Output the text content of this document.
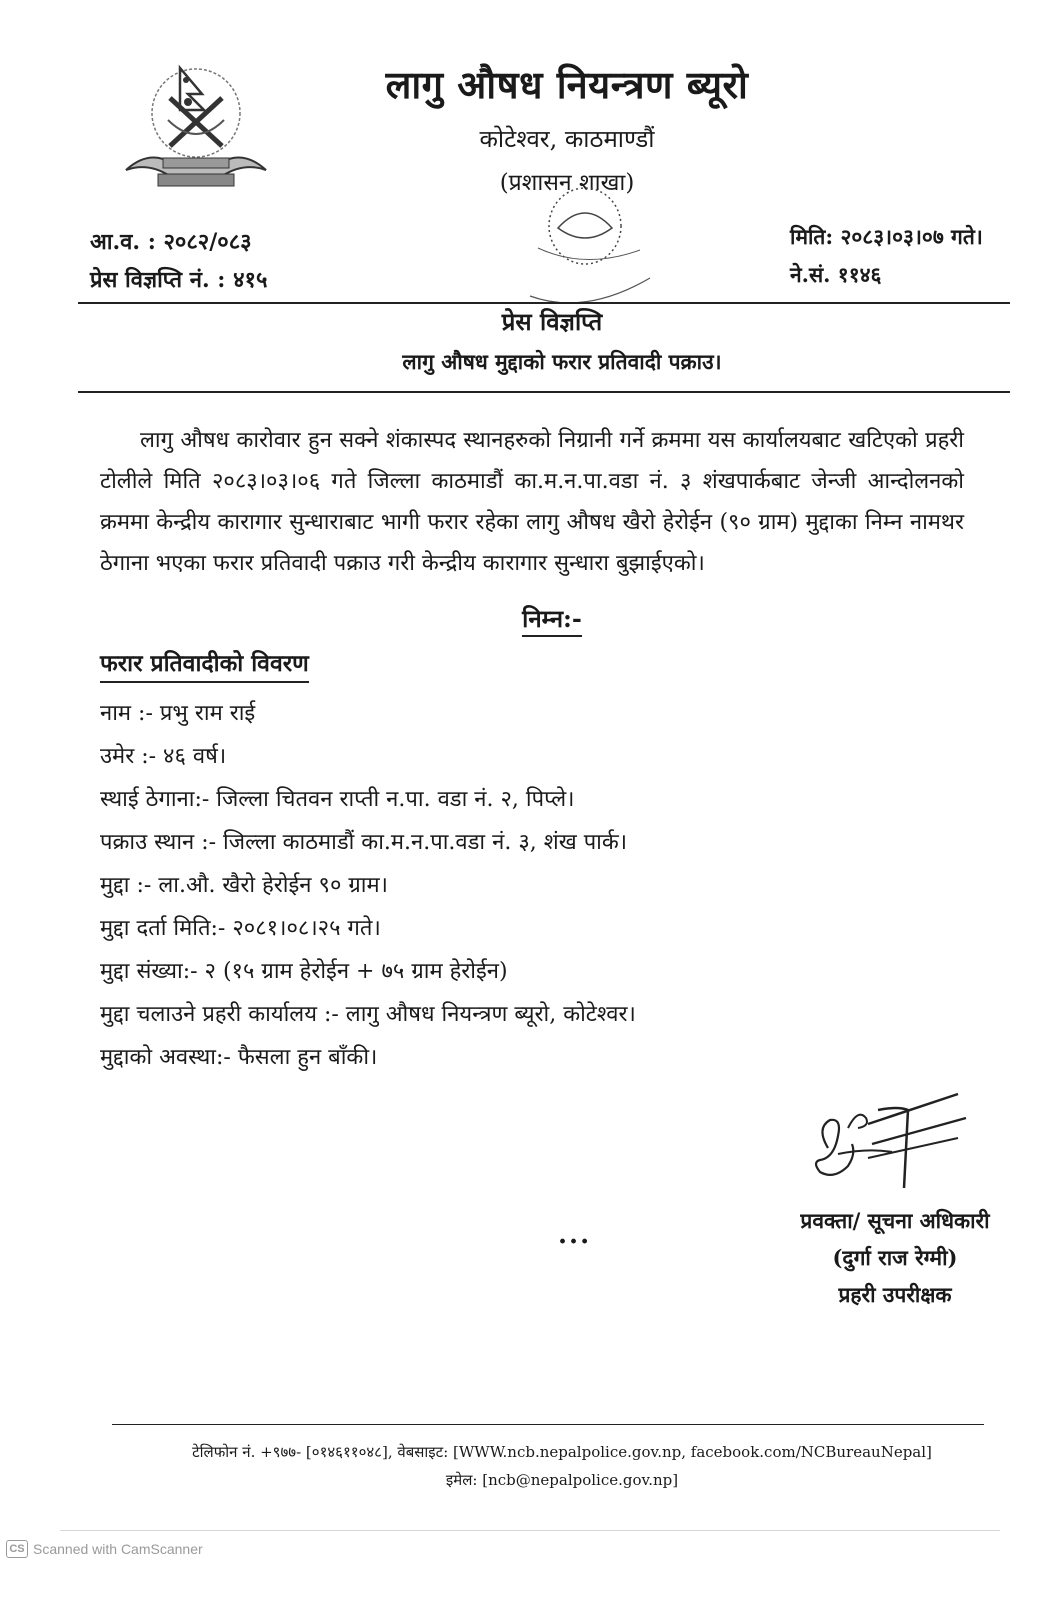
लागु औषध नियन्त्रण ब्यूरो
कोटेश्वर, काठमाण्डौं
(प्रशासन शाखा)
आ.व. : २०८२/०८३
प्रेस विज्ञप्ति नं. : ४१५
मिति: २०८३।०३।०७ गते।
ने.सं. ११४६
प्रेस विज्ञप्ति
लागु औषध मुद्दाको फरार प्रतिवादी पक्राउ।
लागु औषध कारोवार हुन सक्ने शंकास्पद स्थानहरुको निग्रानी गर्ने क्रममा यस कार्यालयबाट खटिएको प्रहरी टोलीले मिति २०८३।०३।०६ गते जिल्ला काठमाडौं का.म.न.पा.वडा नं. ३ शंखपार्कबाट जेन्जी आन्दोलनको क्रममा केन्द्रीय कारागार सुन्धाराबाट भागी फरार रहेका लागु औषध खैरो हेरोईन (९० ग्राम) मुद्दाका निम्न नामथर ठेगाना भएका फरार प्रतिवादी पक्राउ गरी केन्द्रीय कारागार सुन्धारा बुझाईएको।
निम्न:-
फरार प्रतिवादीको विवरण
नाम :- प्रभु राम राई
उमेर :- ४६ वर्ष।
स्थाई ठेगाना:- जिल्ला चितवन राप्ती न.पा. वडा नं. २, पिप्ले।
पक्राउ स्थान :- जिल्ला काठमाडौं का.म.न.पा.वडा नं. ३, शंख पार्क।
मुद्दा :- ला.औ. खैरो हेरोईन ९० ग्राम।
मुद्दा दर्ता मिति:- २०८१।०८।२५ गते।
मुद्दा संख्या:- २ (१५ ग्राम हेरोईन + ७५ ग्राम हेरोईन)
मुद्दा चलाउने प्रहरी कार्यालय :- लागु औषध नियन्त्रण ब्यूरो, कोटेश्वर।
मुद्दाको अवस्था:- फैसला हुन बाँकी।
...	प्रवक्ता/ सूचना अधिकारी
(दुर्गा राज रेग्मी)
प्रहरी उपरीक्षक
टेलिफोन नं. +९७७- [०१४६११०४८], वेबसाइट: [WWW.ncb.nepalpolice.gov.np, facebook.com/NCBureauNepal]
इमेल: [ncb@nepalpolice.gov.np]
CS Scanned with CamScanner
